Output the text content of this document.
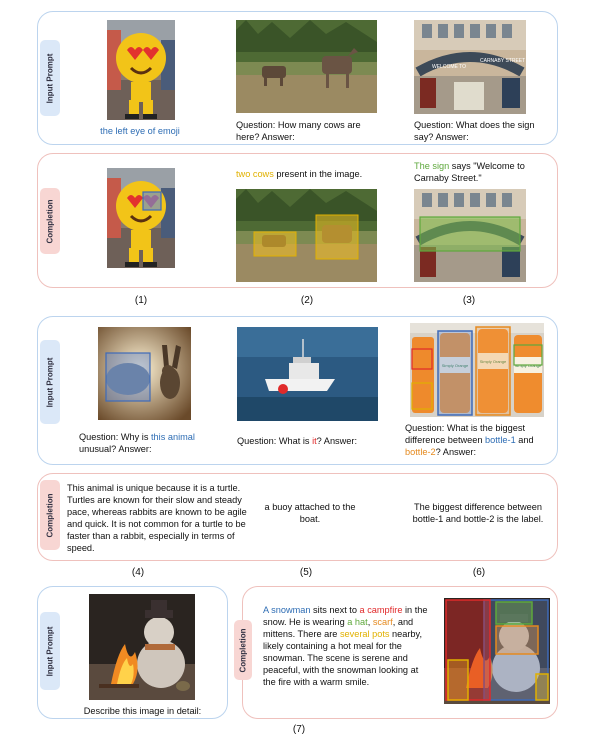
Input Prompt
the left eye of emoji
Question: How many cows are here? Answer:
WELCOME TO
CARNABY STREET
Question: What does the sign say? Answer:
Completion
two cows present in the image.
The sign says "Welcome to Carnaby Street."
(1)	(2)	(3)
Input Prompt
Question: Why is this animal unusual? Answer:
Question: What is it? Answer:
Simply Orange
Simply Orange
Simply Orange
Question: What is the biggest difference between bottle-1 and bottle-2? Answer:
Completion
This animal is unique because it is a turtle. Turtles are known for their slow and steady pace, whereas rabbits are known to be agile and quick. It is not common for a turtle to be faster than a rabbit, especially in terms of speed.
a buoy attached to the boat.
The biggest difference between bottle-1 and bottle-2 is the label.
(4)	(5)	(6)
Input Prompt
Describe this image in detail:
Completion
A snowman sits next to a campfire in the snow. He is wearing a hat, scarf, and mittens. There are several pots nearby, likely containing a hot meal for the snowman. The scene is serene and peaceful, with the snowman looking at the fire with a warm smile.
(7)
